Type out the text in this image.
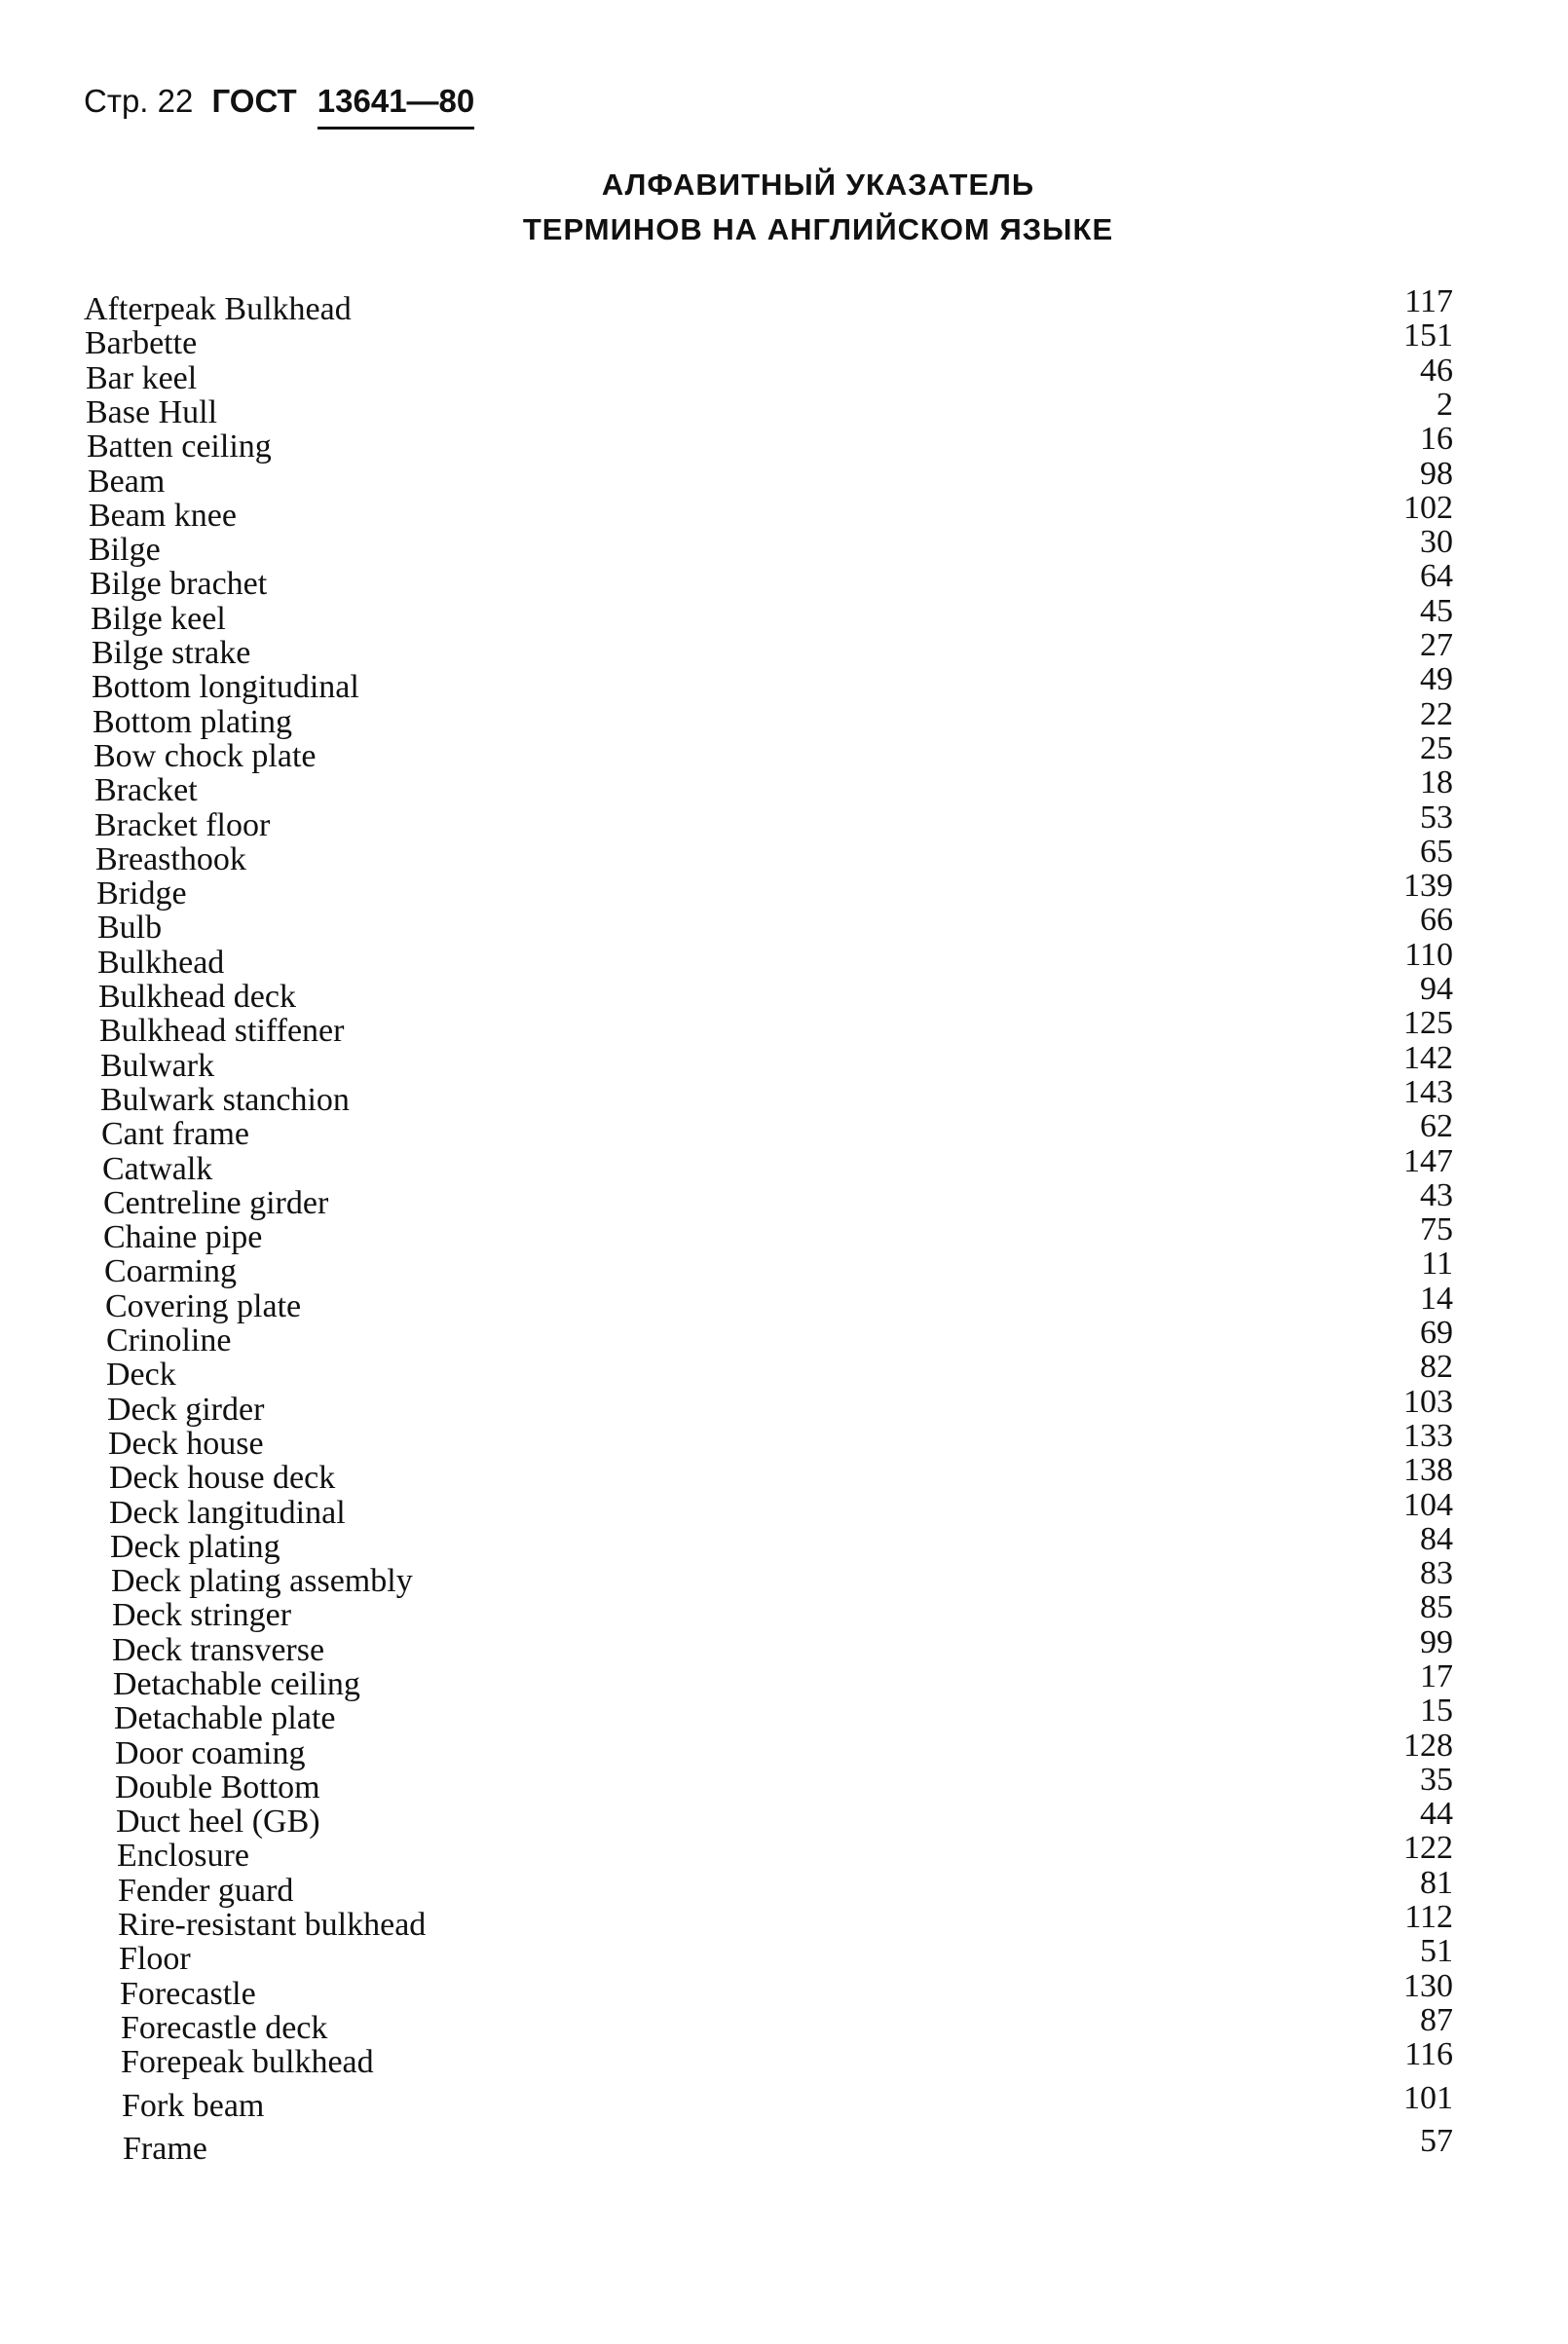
Стр. 22 ГОСТ 13641—80
АЛФАВИТНЫЙ УКАЗАТЕЛЬ
ТЕРМИНОВ НА АНГЛИЙСКОМ ЯЗЫКЕ
Afterpeak Bulkhead	117
Barbette	151
Bar keel	46
Base Hull	2
Batten ceiling	16
Beam	98
Beam knee	102
Bilge	30
Bilge brachet	64
Bilge keel	45
Bilge strake	27
Bottom longitudinal	49
Bottom plating	22
Bow chock plate	25
Bracket	18
Bracket floor	53
Breasthook	65
Bridge	139
Bulb	66
Bulkhead	110
Bulkhead deck	94
Bulkhead stiffener	125
Bulwark	142
Bulwark stanchion	143
Cant frame	62
Catwalk	147
Centreline girder	43
Chaine pipe	75
Coarming	11
Covering plate	14
Crinoline	69
Deck	82
Deck girder	103
Deck house	133
Deck house deck	138
Deck langitudinal	104
Deck plating	84
Deck plating assembly	83
Deck stringer	85
Deck transverse	99
Detachable ceiling	17
Detachable plate	15
Door coaming	128
Double Bottom	35
Duct heel (GB)	44
Enclosure	122
Fender guard	81
Rire-resistant bulkhead	112
Floor	51
Forecastle	130
Forecastle deck	87
Forepeak bulkhead	116
Fork beam	101
Frame	57
